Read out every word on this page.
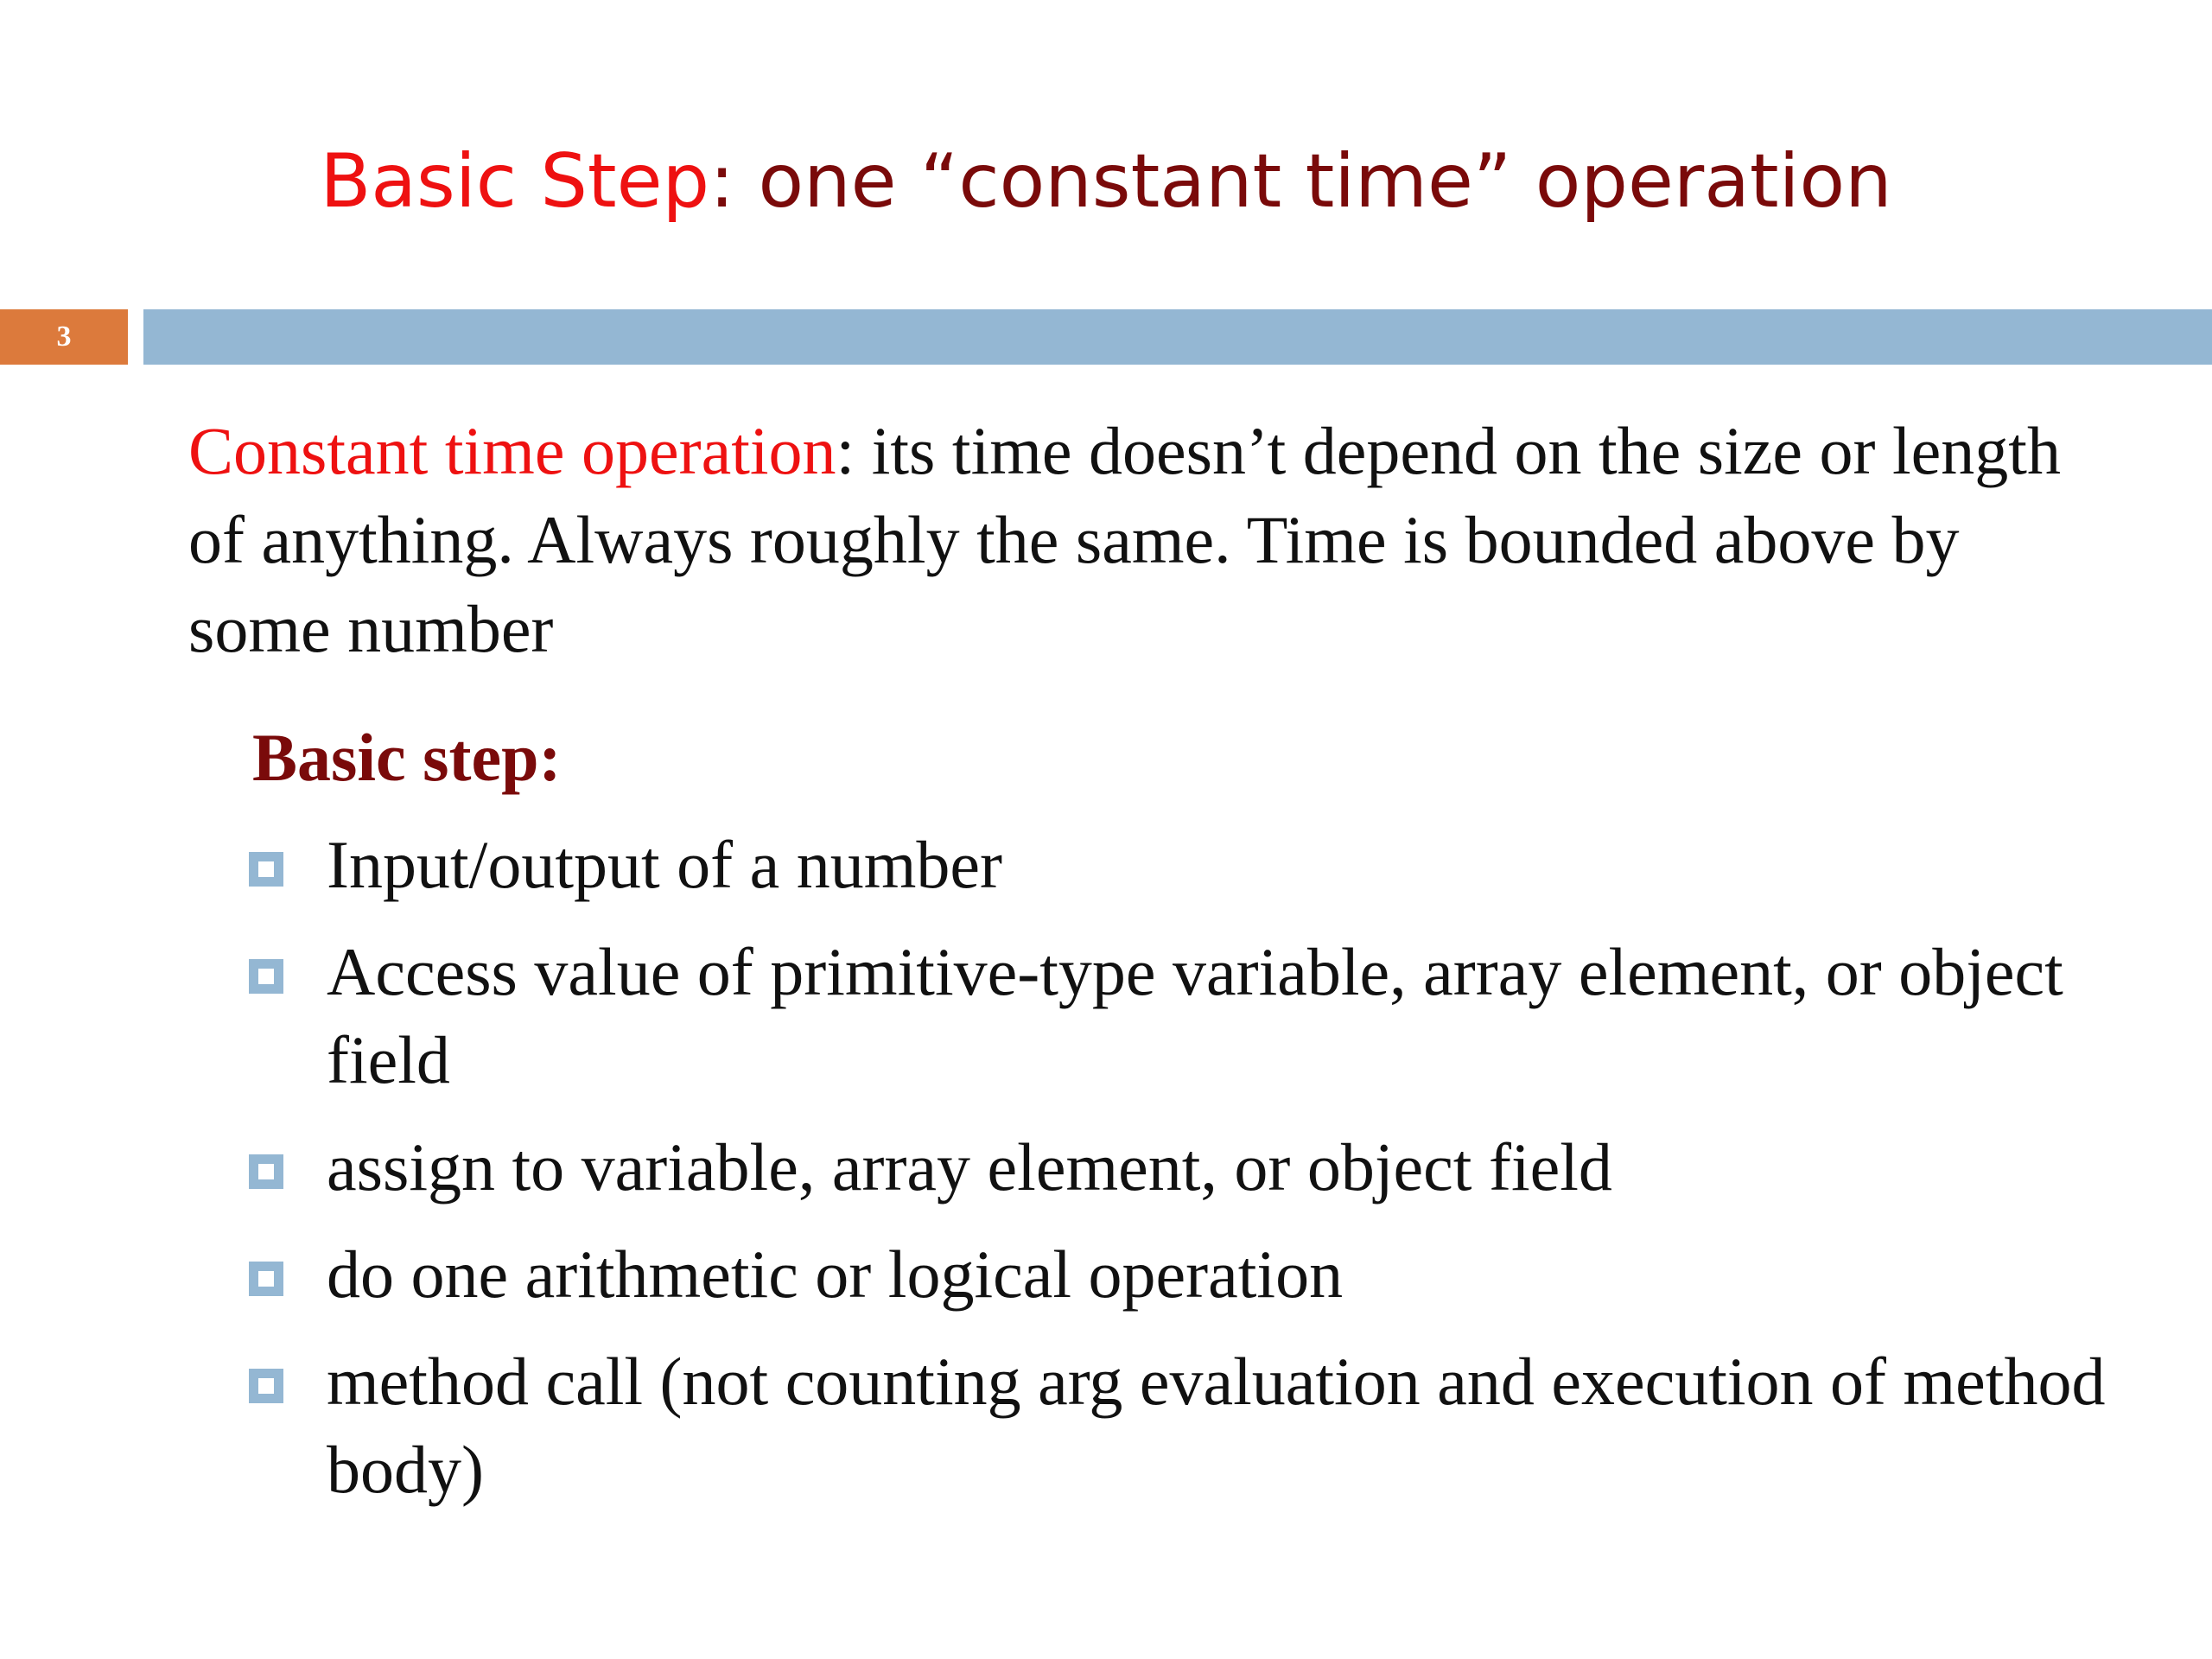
Basic Step: one “constant time” operation
3
Constant time operation: its time doesn’t depend on the size or length of anything. Always roughly the same. Time is bounded above by some number
Basic step:
Input/output of a number
Access value of primitive-type variable, array element, or object field
assign to variable, array element, or object field
do one arithmetic or logical operation
method call (not counting arg evaluation and execution of method body)
